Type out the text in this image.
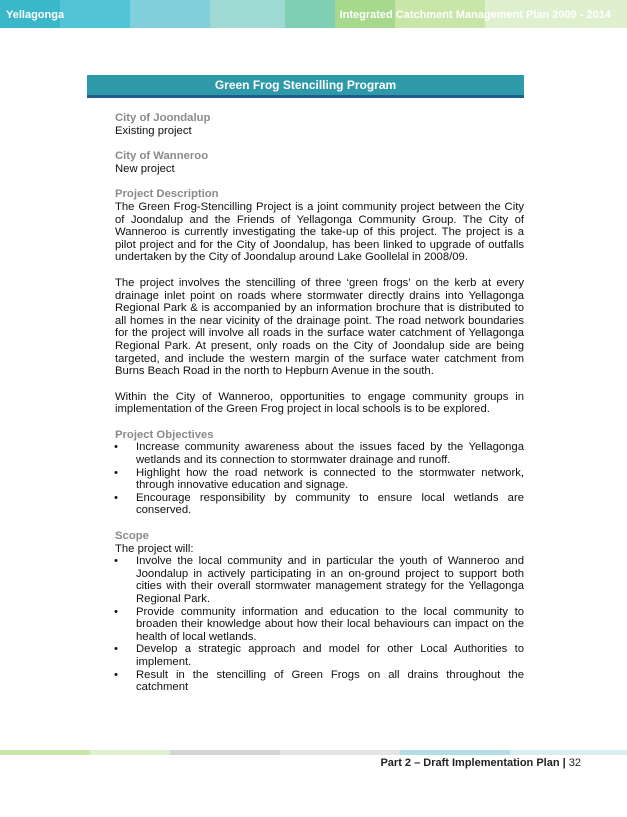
Yellagonga	Integrated Catchment Management Plan 2009 - 2014
Green Frog Stencilling Program

City of Joondalup

Existing project

City of Wanneroo

New project

Project Description

The Green Frog-Stencilling Project is a joint community project between the City of Joondalup and the Friends of Yellagonga Community Group. The City of Wanneroo is currently investigating the take-up of this project. The project is a pilot project and for the City of Joondalup, has been linked to upgrade of outfalls undertaken by the City of Joondalup around Lake Goollelal in 2008/09.

The project involves the stencilling of three ‘green frogs’ on the kerb at every drainage inlet point on roads where stormwater directly drains into Yellagonga Regional Park & is accompanied by an information brochure that is distributed to all homes in the near vicinity of the drainage point. The road network boundaries for the project will involve all roads in the surface water catchment of Yellagonga Regional Park. At present, only roads on the City of Joondalup side are being targeted, and include the western margin of the surface water catchment from Burns Beach Road in the north to Hepburn Avenue in the south.

Within the City of Wanneroo, opportunities to engage community groups in implementation of the Green Frog project in local schools is to be explored.

Project Objectives

• Increase community awareness about the issues faced by the Yellagonga wetlands and its connection to stormwater drainage and runoff.
• Highlight how the road network is connected to the stormwater network, through innovative education and signage.
• Encourage responsibility by community to ensure local wetlands are conserved.

Scope

The project will:

• Involve the local community and in particular the youth of Wanneroo and Joondalup in actively participating in an on-ground project to support both cities with their overall stormwater management strategy for the Yellagonga Regional Park.
• Provide community information and education to the local community to broaden their knowledge about how their local behaviours can impact on the health of local wetlands.
• Develop a strategic approach and model for other Local Authorities to implement.
• Result in the stencilling of Green Frogs on all drains throughout the catchment
Part 2 – Draft Implementation Plan | 32
